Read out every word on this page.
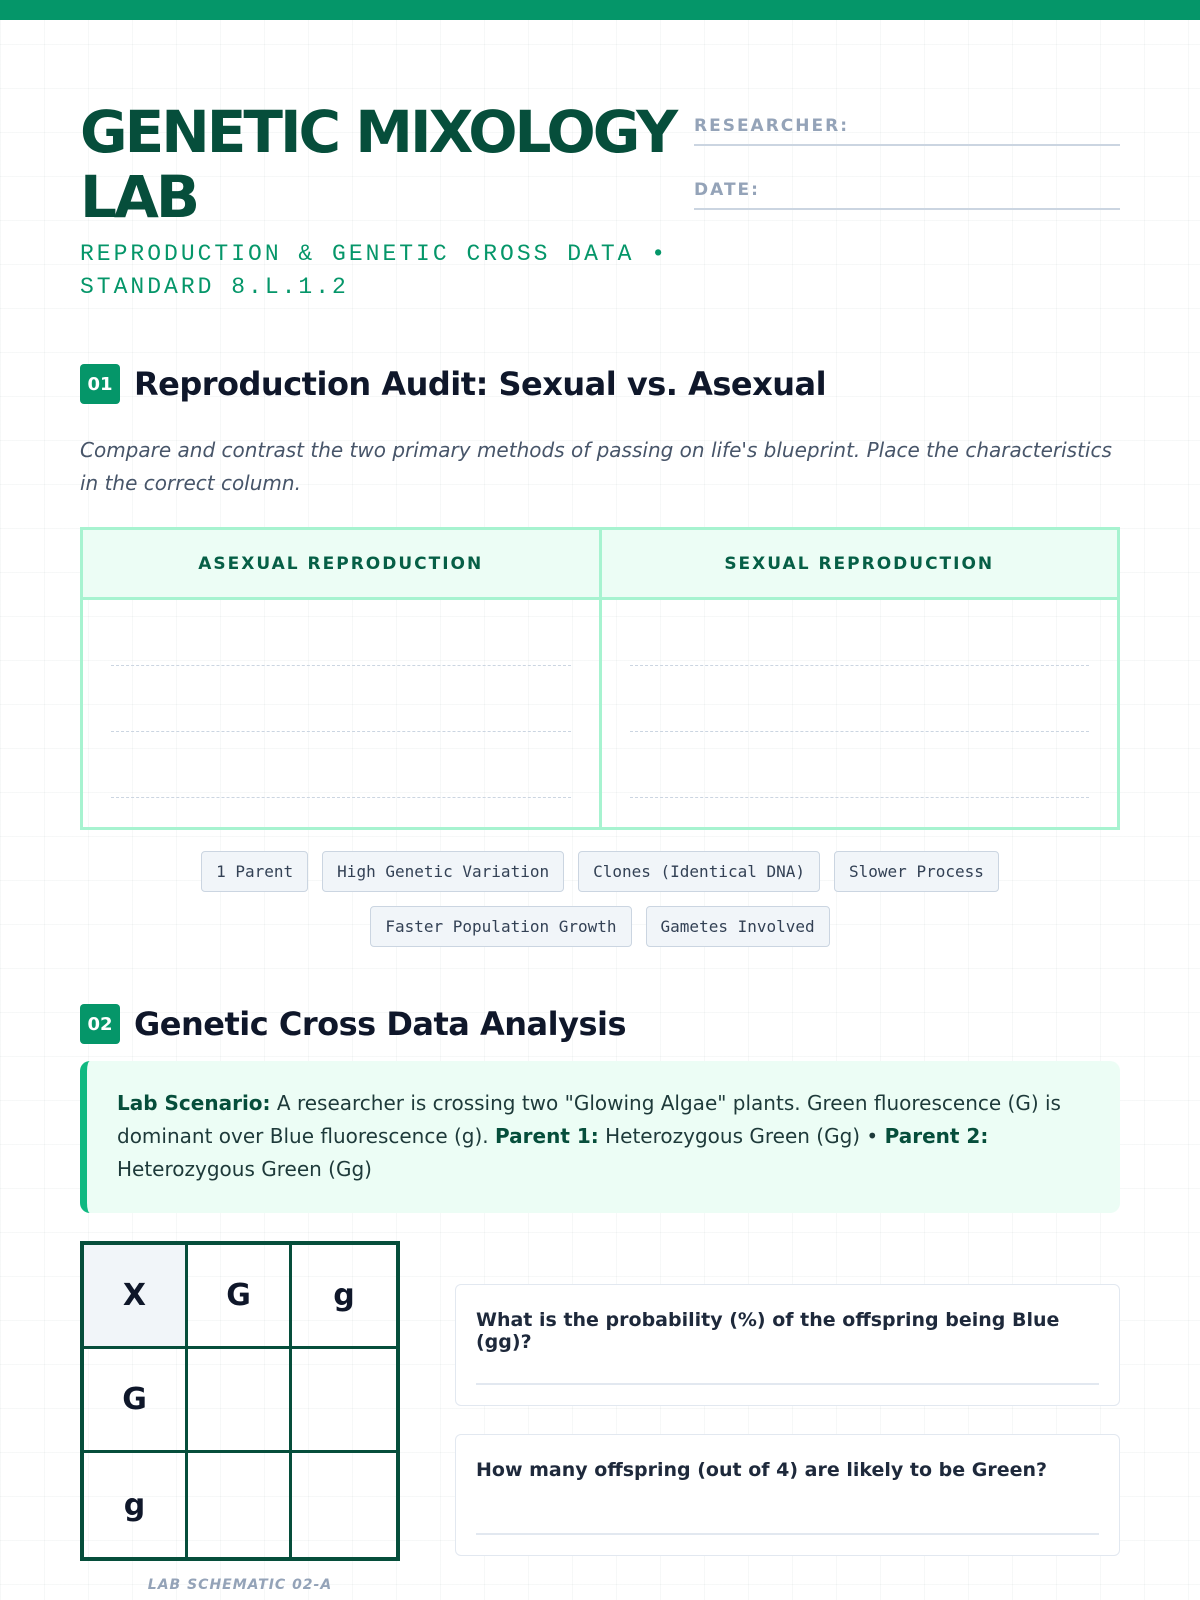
GENETIC MIXOLOGY
LAB
REPRODUCTION & GENETIC CROSS DATA • STANDARD 8.L.1.2
RESEARCHER:
DATE:
01 Reproduction Audit: Sexual vs. Asexual

Compare and contrast the two primary methods of passing on life's blueprint. Place the characteristics in the correct column.

ASEXUAL REPRODUCTION	SEXUAL REPRODUCTION
1 Parent	High Genetic Variation	Clones (Identical DNA)	Slower Process
Faster Population Growth	Gametes Involved
02 Genetic Cross Data Analysis
Lab Scenario: A researcher is crossing two "Glowing Algae" plants. Green fluorescence (G) is dominant over Blue fluorescence (g). Parent 1: Heterozygous Green (Gg) • Parent 2: Heterozygous Green (Gg)
X	G	g
G
g
LAB SCHEMATIC 02-A
What is the probability (%) of the offspring being Blue (gg)?
How many offspring (out of 4) are likely to be Green?
